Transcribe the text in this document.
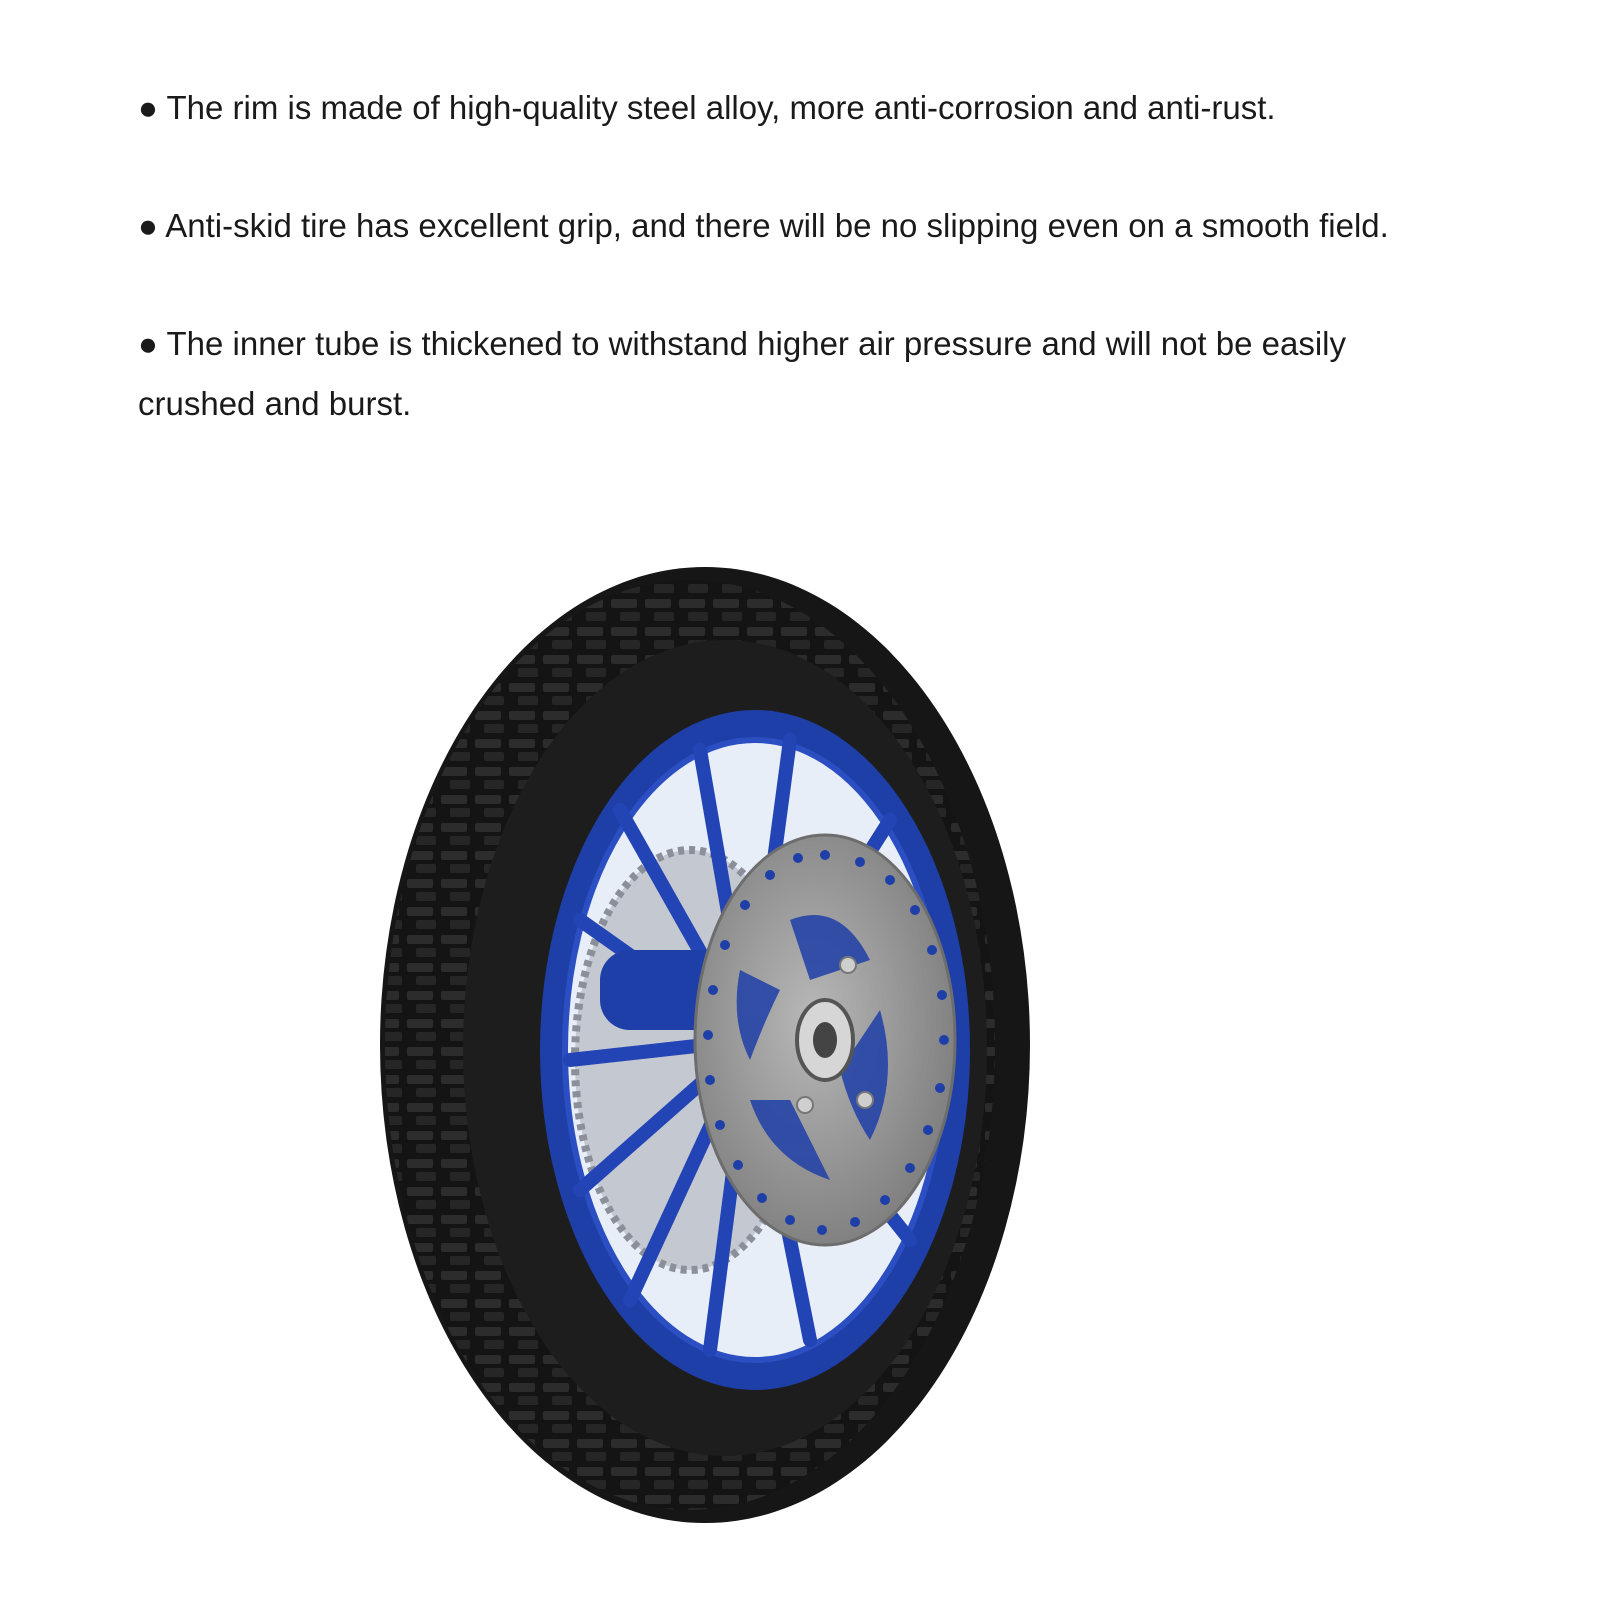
● The rim is made of high-quality steel alloy, more anti-corrosion and anti-rust.

● Anti-skid tire has excellent grip, and there will be no slipping even on a smooth field.

● The inner tube is thickened to withstand higher air pressure and will not be easily crushed and burst.
